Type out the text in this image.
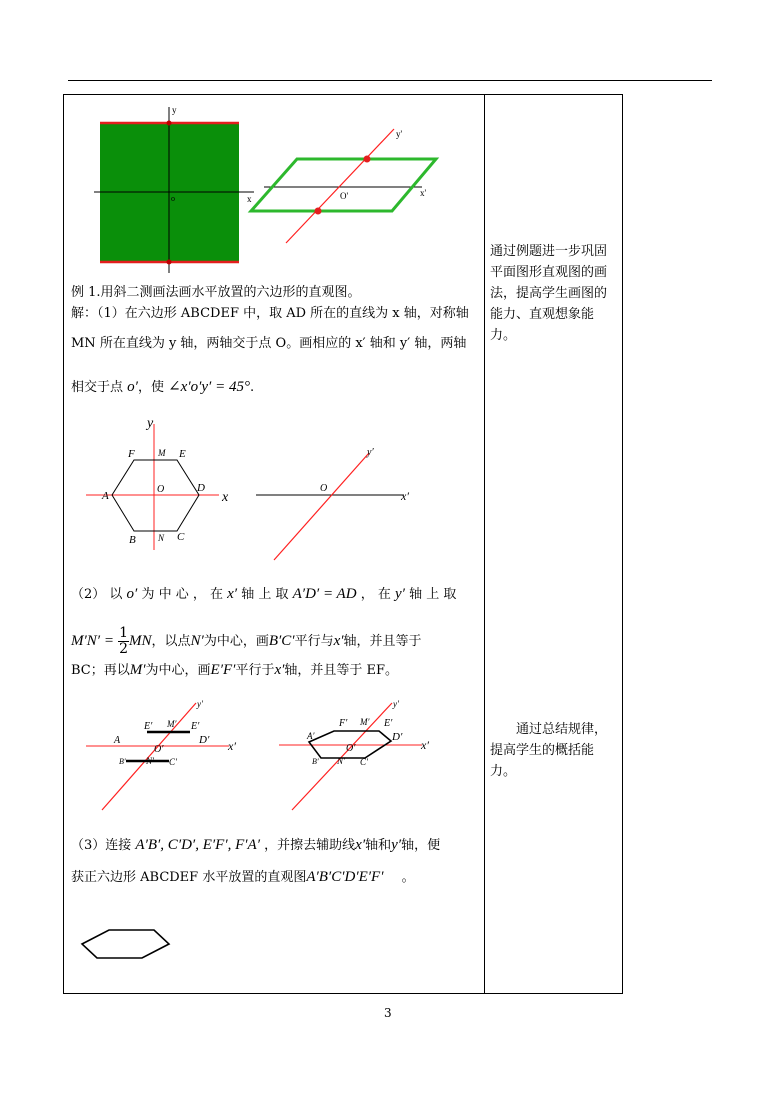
y
x
o
y'
x'
O'
例 1.用斜二测画法画水平放置的六边形的直观图。
解：（1）在六边形 ABCDEF 中，取 AD 所在的直线为 x 轴，对称轴
MN 所在直线为 y 轴，两轴交于点 O。画相应的 x′ 轴和 y′ 轴，两轴
相交于点 o′，使 ∠x′o′y′ = 45°.
y
x
F	M E
A
O	D
B N C
O
y′
x′
（2） 以 o′ 为 中 心 ， 在 x′ 轴 上 取 A′D′ = AD ， 在 y′ 轴 上 取
$M'N' = \frac{1}{2}$ MN，以点N′为中心，画B′C′平行与x′轴，并且等于
BC；再以M′为中心，画E′F′平行于x′轴，并且等于 EF。
y′
E′ M′ E′
A	D′ x′
O′
B′ N′ C′
y′
F′ M′ E′
A′	D′
x′
O′
B′ N′ C′
（3）连接 A′B′, C′D′, E′F′, F′A′ ，并擦去辅助线x′轴和y′轴，便
获正六边形 ABCDEF 水平放置的直观图A′B′C′D′E′F′ 。
通过例题进一步巩固平面图形直观图的画法，提高学生画图的能力、直观想象能力。
通过总结规律，提高学生的概括能力。
3
